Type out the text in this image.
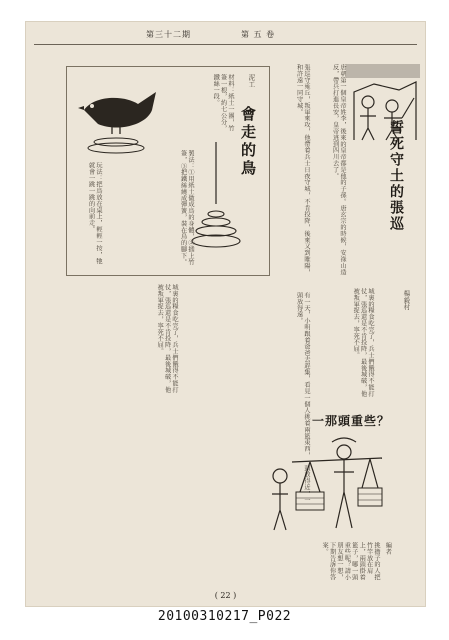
第 五 卷
第三十二期
誓死守土的張巡
楊毅村
唐朝第一個皇帝姓李，後來的皇帝都是他的子孫。唐玄宗的時候，安祿山造反，帶兵打進長安，皇帝逃到四川去了。
張巡守雍丘，叛軍來攻，他帶着兵士日夜守城，不肯投降，後來又到睢陽，和許遠一同守城。
城裏的糧食吃完了，兵士們餓得不能打仗，張巡還是不肯投降，最後城破，他被叛軍捉去，寧死不屈。
會走的鳥
泥工
材料：紙土一團，竹簽一根，約七公分，鐵絲一段。
製法：①用紙土做成鳥的身體，②插上竹簽，③把鐵絲繞成彈簧，裝在鳥的腳下。
玩法：把鳥放在桌上，輕輕一按，牠就會一跳一跳的向前走。
有一天，小明跟着爸爸去趕集，看見一個人挑着兩籃東西，一頭放得近，一頭放得遠。
城裏的糧食吃完了，兵士們餓得不能打仗，張巡還是不肯投降，最後城破，他被叛軍捉去，寧死不屈。
一那頭重些？
挑擔子的人把竹竿放在肩上，兩頭掛着籃子，哪一頭重些呢？請小朋友想一想，下期告訴你答案。	編者
( 22 )
20100310217_P022
